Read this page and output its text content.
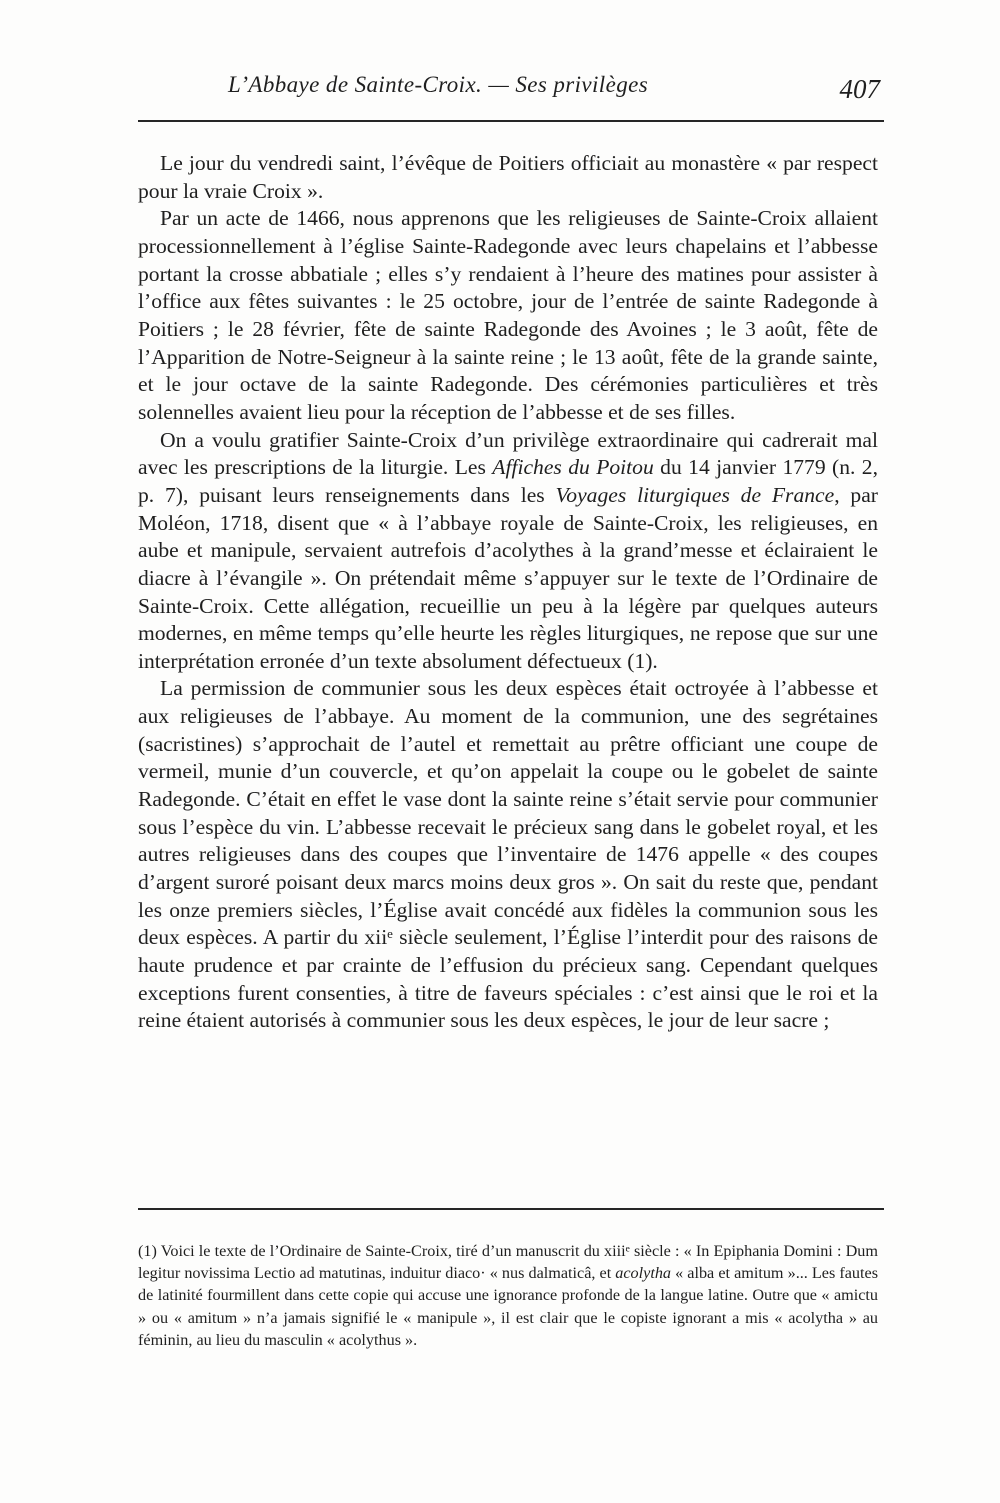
L’Abbaye de Sainte-Croix. — Ses privilèges	407

Le jour du vendredi saint, l’évêque de Poitiers officiait au monastère « par respect pour la vraie Croix ».

Par un acte de 1466, nous apprenons que les religieuses de Sainte-Croix allaient processionnellement à l’église Sainte-Radegonde avec leurs chapelains et l’abbesse portant la crosse abbatiale ; elles s’y rendaient à l’heure des matines pour assister à l’office aux fêtes suivantes : le 25 octobre, jour de l’entrée de sainte Radegonde à Poitiers ; le 28 février, fête de sainte Radegonde des Avoines ; le 3 août, fête de l’Apparition de Notre-Seigneur à la sainte reine ; le 13 août, fête de la grande sainte, et le jour octave de la sainte Radegonde. Des cérémonies particulières et très solennelles avaient lieu pour la réception de l’abbesse et de ses filles.

On a voulu gratifier Sainte-Croix d’un privilège extraordinaire qui cadrerait mal avec les prescriptions de la liturgie. Les Affiches du Poitou du 14 janvier 1779 (n. 2, p. 7), puisant leurs renseignements dans les Voyages liturgiques de France, par Moléon, 1718, disent que « à l’abbaye royale de Sainte-Croix, les religieuses, en aube et manipule, servaient autrefois d’acolythes à la grand’messe et éclairaient le diacre à l’évangile ». On prétendait même s’appuyer sur le texte de l’Ordinaire de Sainte-Croix. Cette allégation, recueillie un peu à la légère par quelques auteurs modernes, en même temps qu’elle heurte les règles liturgiques, ne repose que sur une interprétation erronée d’un texte absolument défectueux (1).

La permission de communier sous les deux espèces était octroyée à l’abbesse et aux religieuses de l’abbaye. Au moment de la communion, une des segrétaines (sacristines) s’approchait de l’autel et remettait au prêtre officiant une coupe de vermeil, munie d’un couvercle, et qu’on appelait la coupe ou le gobelet de sainte Radegonde. C’était en effet le vase dont la sainte reine s’était servie pour communier sous l’espèce du vin. L’abbesse recevait le précieux sang dans le gobelet royal, et les autres religieuses dans des coupes que l’inventaire de 1476 appelle « des coupes d’argent suroré poisant deux marcs moins deux gros ». On sait du reste que, pendant les onze premiers siècles, l’Église avait concédé aux fidèles la communion sous les deux espèces. A partir du xiiᵉ siècle seulement, l’Église l’interdit pour des raisons de haute prudence et par crainte de l’effusion du précieux sang. Cependant quelques exceptions furent consenties, à titre de faveurs spéciales : c’est ainsi que le roi et la reine étaient autorisés à communier sous les deux espèces, le jour de leur sacre ;

(1) Voici le texte de l’Ordinaire de Sainte-Croix, tiré d’un manuscrit du xiiiᵉ siècle : « In Epiphania Domini : Dum legitur novissima Lectio ad matutinas, induitur diaco· « nus dalmaticâ, et acolytha « alba et amitum »... Les fautes de latinité fourmillent dans cette copie qui accuse une ignorance profonde de la langue latine. Outre que « amictu » ou « amitum » n’a jamais signifié le « manipule », il est clair que le copiste ignorant a mis « acolytha » au féminin, au lieu du masculin « acolythus ».
